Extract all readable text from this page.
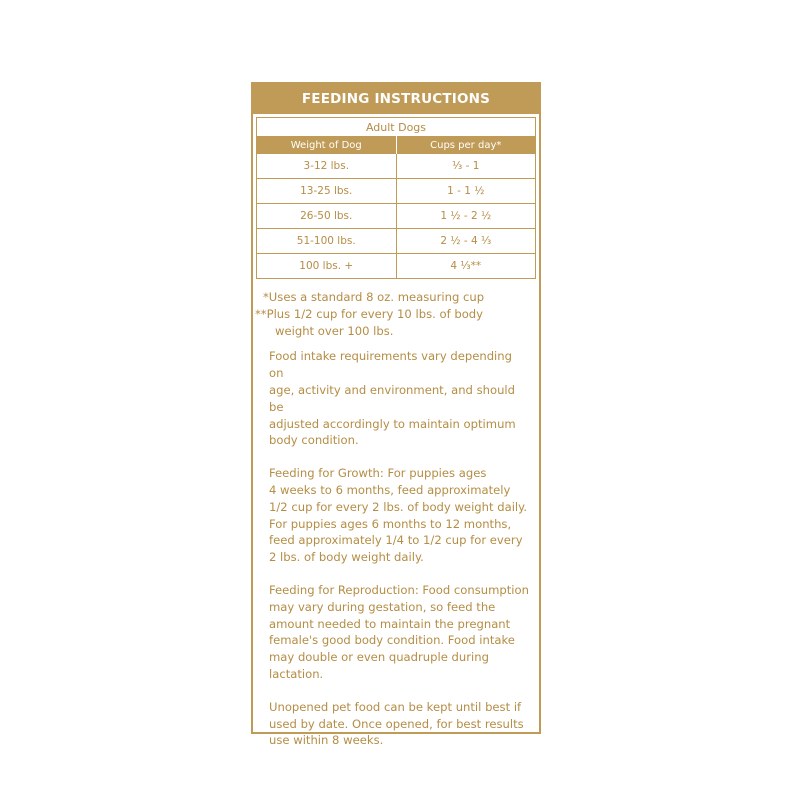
FEEDING INSTRUCTIONS
Adult Dogs
Weight of Dog	Cups per day*
3-12 lbs.	¹⁄₃ - 1
13-25 lbs.	1 - 1 ½
26-50 lbs.	1 ½ - 2 ½
51-100 lbs.	2 ½ - 4 ¹⁄₃
100 lbs. +	4 ¹⁄₃**

*Uses a standard 8 oz. measuring cup

**Plus 1/2 cup for every 10 lbs. of body

weight over 100 lbs.

Food intake requirements vary depending on
age, activity and environment, and should be
adjusted accordingly to maintain optimum
body condition.

Feeding for Growth: For puppies ages
4 weeks to 6 months, feed approximately
1/2 cup for every 2 lbs. of body weight daily.
For puppies ages 6 months to 12 months,
feed approximately 1/4 to 1/2 cup for every
2 lbs. of body weight daily.

Feeding for Reproduction: Food consumption
may vary during gestation, so feed the
amount needed to maintain the pregnant
female's good body condition. Food intake
may double or even quadruple during
lactation.

Unopened pet food can be kept until best if
used by date. Once opened, for best results
use within 8 weeks.
